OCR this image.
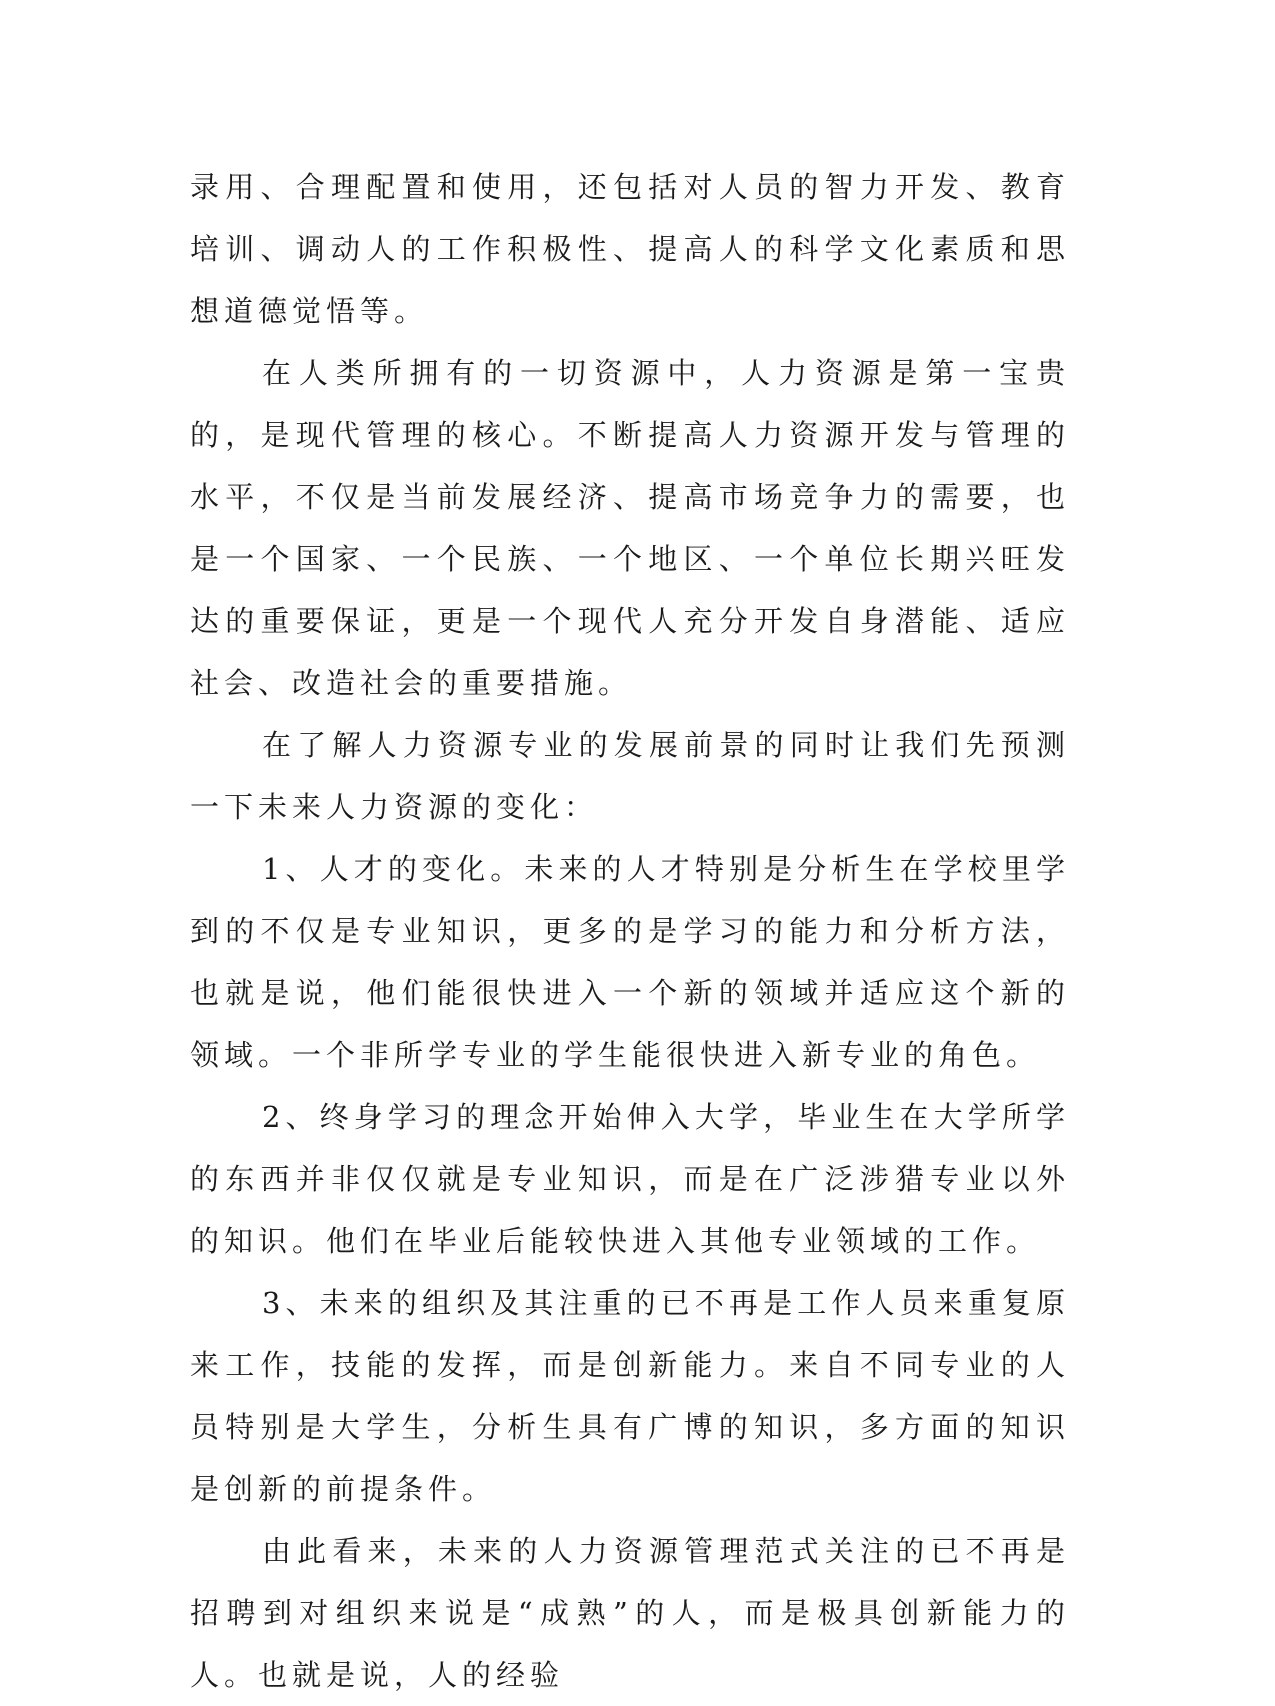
录用、合理配置和使用，还包括对人员的智力开发、教育培训、调动人的工作积极性、提高人的科学文化素质和思想道德觉悟等。

在人类所拥有的一切资源中，人力资源是第一宝贵的，是现代管理的核心。不断提高人力资源开发与管理的水平，不仅是当前发展经济、提高市场竞争力的需要，也是一个国家、一个民族、一个地区、一个单位长期兴旺发达的重要保证，更是一个现代人充分开发自身潜能、适应社会、改造社会的重要措施。

在了解人力资源专业的发展前景的同时让我们先预测一下未来人力资源的变化：

1、人才的变化。未来的人才特别是分析生在学校里学到的不仅是专业知识，更多的是学习的能力和分析方法，也就是说，他们能很快进入一个新的领域并适应这个新的领域。一个非所学专业的学生能很快进入新专业的角色。

2、终身学习的理念开始伸入大学，毕业生在大学所学的东西并非仅仅就是专业知识，而是在广泛涉猎专业以外的知识。他们在毕业后能较快进入其他专业领域的工作。

3、未来的组织及其注重的已不再是工作人员来重复原来工作，技能的发挥，而是创新能力。来自不同专业的人员特别是大学生，分析生具有广博的知识，多方面的知识是创新的前提条件。

由此看来，未来的人力资源管理范式关注的已不再是招聘到对组织来说是“成熟”的人，而是极具创新能力的人。也就是说，人的经验
